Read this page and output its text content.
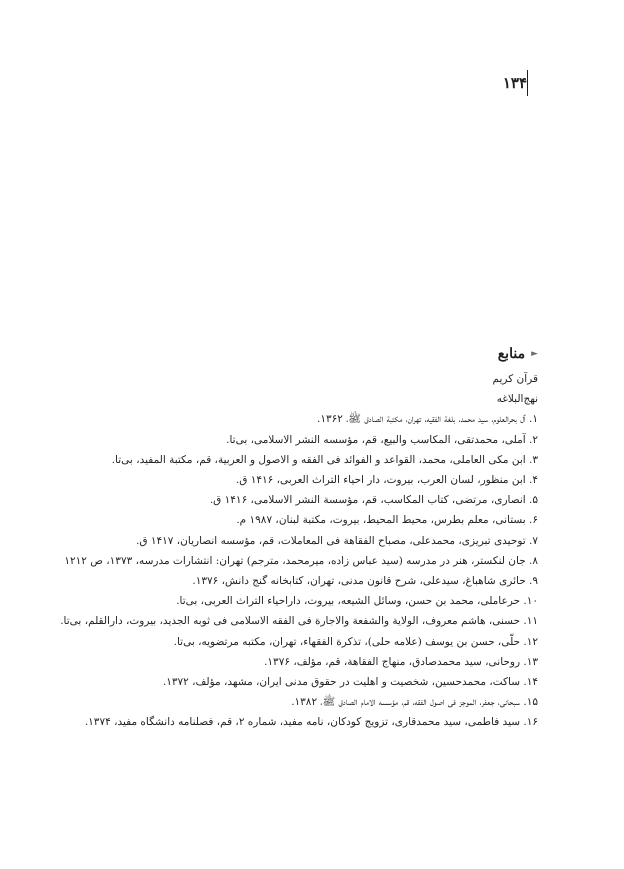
۱۳۴
►
منابع
قرآن کریم
نهج‌البلاغه
۱. آل بحرالعلوم، سید محمد، بلغة الفقیه، تهران، مکتبة الصادق ﷺ، ۱۳۶۲.
۲. آملی، محمدتقی، المکاسب والبیع، قم، مؤسسه النشر الاسلامی، بی‌تا.
۳. ابن مکی العاملی، محمد، القواعد و الفوائد فی الفقه و الاصول و العربیة، قم، مکتبة المفید، بی‌تا.
۴. ابن منظور، لسان العرب، بیروت، دار احیاء التراث العربی، ۱۴۱۶ ق.
۵. انصاری، مرتضی، کتاب المکاسب، قم، مؤسسة النشر الاسلامی، ۱۴۱۶ ق.
۶. بستانی، معلم بطرس، محیط المحیط، بیروت، مکتبة لبنان، ۱۹۸۷ م.
۷. توحیدی تبریزی، محمدعلی، مصباح الفقاهة فی المعاملات، قم، مؤسسه انصاریان، ۱۴۱۷ ق.
۸. جان لنکستر، هنر در مدرسه (سید عباس زاده، میرمحمد، مترجم) تهران: انتشارات مدرسه، ۱۳۷۳، ص ۱۲۱۲
۹. حائری شاهباغ، سیدعلی، شرح قانون مدنی، تهران، کتابخانه گنج دانش، ۱۳۷۶.
۱۰. حرعاملی، محمد بن حسن، وسائل الشیعه، بیروت، داراحیاء التراث العربی، بی‌تا.
۱۱. حسنی، هاشم معروف، الولایة والشفعة والاجارة فی الفقه الاسلامی فی ثوبه الجدید، بیروت، دارالقلم، بی‌تا.
۱۲. حلّی، حسن بن یوسف (علامه حلی)، تذکرة الفقهاء، تهران، مکتبه مرتضویه، بی‌تا.
۱۳. روحانی، سید محمدصادق، منهاج الفقاهة، قم، مؤلف، ۱۳۷۶.
۱۴. ساکت، محمدحسین، شخصیت و اهلیت در حقوق مدنی ایران، مشهد، مؤلف، ۱۳۷۲.
۱۵. سبحانی، جعفر، الموجز فی اصول الفقه، قم، مؤسسه الامام الصادق ﷺ، ۱۳۸۲.
۱۶. سید فاطمی، سید محمدقاری، تزویج کودکان، نامه مفید، شماره ۲، قم، فصلنامه دانشگاه مفید، ۱۳۷۴.
